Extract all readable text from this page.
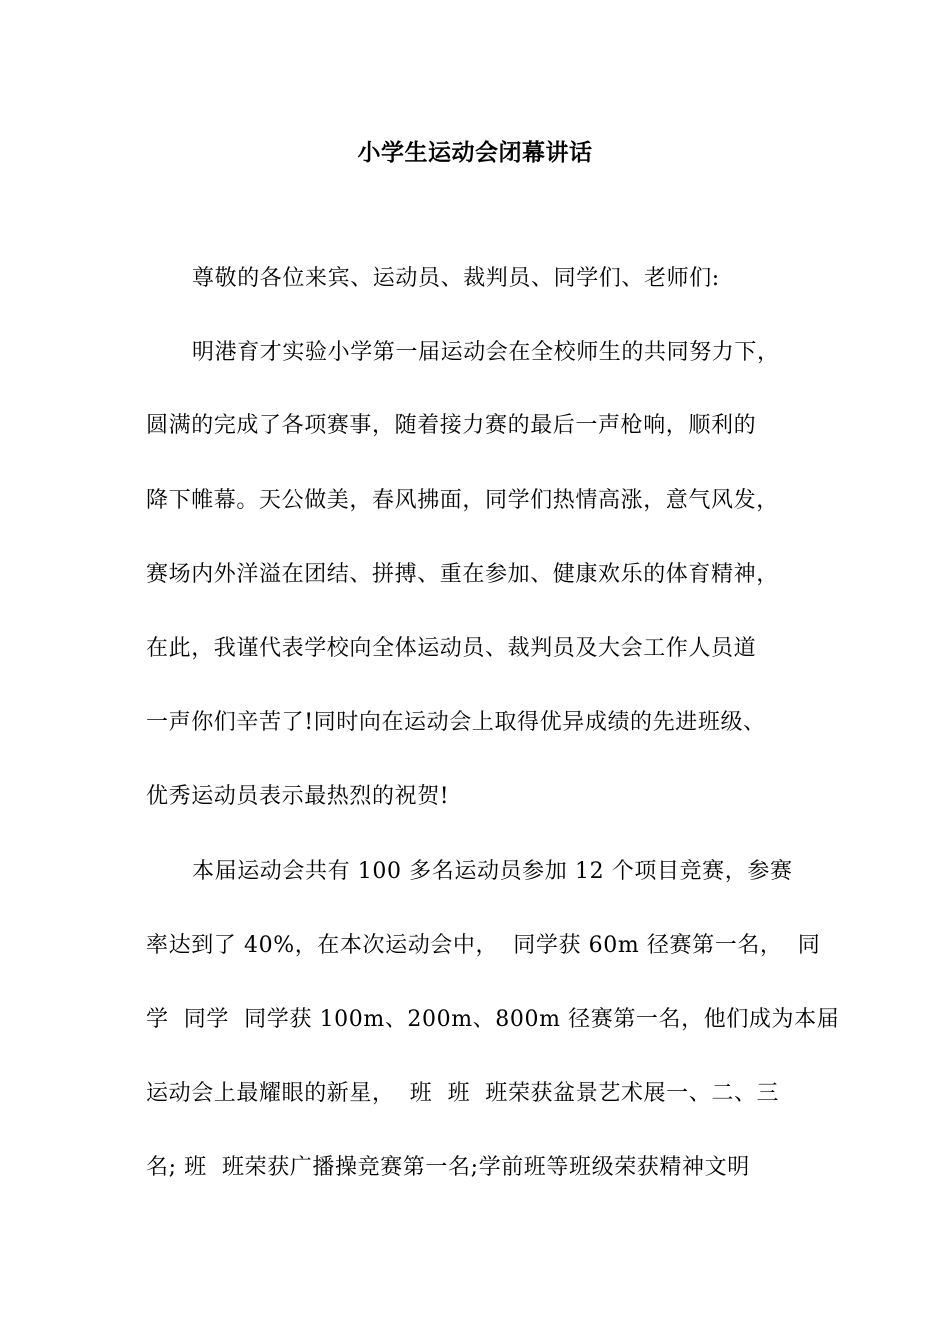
小学生运动会闭幕讲话
尊敬的各位来宾、运动员、裁判员、同学们、老师们:
明港育才实验小学第一届运动会在全校师生的共同努力下，
圆满的完成了各项赛事，随着接力赛的最后一声枪响，顺利的
降下帷幕。天公做美，春风拂面，同学们热情高涨，意气风发，
赛场内外洋溢在团结、拼搏、重在参加、健康欢乐的体育精神，
在此，我谨代表学校向全体运动员、裁判员及大会工作人员道
一声你们辛苦了!同时向在运动会上取得优异成绩的先进班级、
优秀运动员表示最热烈的祝贺!
本届运动会共有 100 多名运动员参加 12 个项目竞赛，参赛
率达到了 40%，在本次运动会中，  同学获 60m 径赛第一名，  同
学  同学  同学获 100m、200m、800m 径赛第一名，他们成为本届
运动会上最耀眼的新星，  班  班  班荣获盆景艺术展一、二、三
名; 班  班荣获广播操竞赛第一名;学前班等班级荣获精神文明
